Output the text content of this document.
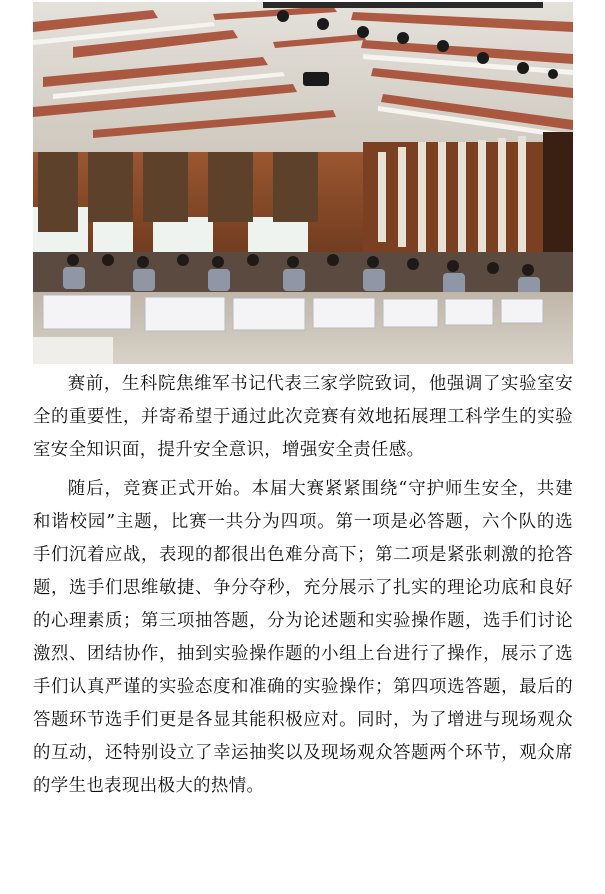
赛前，生科院焦维军书记代表三家学院致词，他强调了实验室安全的重要性，并寄希望于通过此次竞赛有效地拓展理工科学生的实验室安全知识面，提升安全意识，增强安全责任感。

随后，竞赛正式开始。本届大赛紧紧围绕“守护师生安全，共建和谐校园”主题，比赛一共分为四项。第一项是必答题，六个队的选手们沉着应战，表现的都很出色难分高下；第二项是紧张刺激的抢答题，选手们思维敏捷、争分夺秒，充分展示了扎实的理论功底和良好的心理素质；第三项抽答题，分为论述题和实验操作题，选手们讨论激烈、团结协作，抽到实验操作题的小组上台进行了操作，展示了选手们认真严谨的实验态度和准确的实验操作；第四项选答题，最后的答题环节选手们更是各显其能积极应对。同时，为了增进与现场观众的互动，还特别设立了幸运抽奖以及现场观众答题两个环节，观众席的学生也表现出极大的热情。
